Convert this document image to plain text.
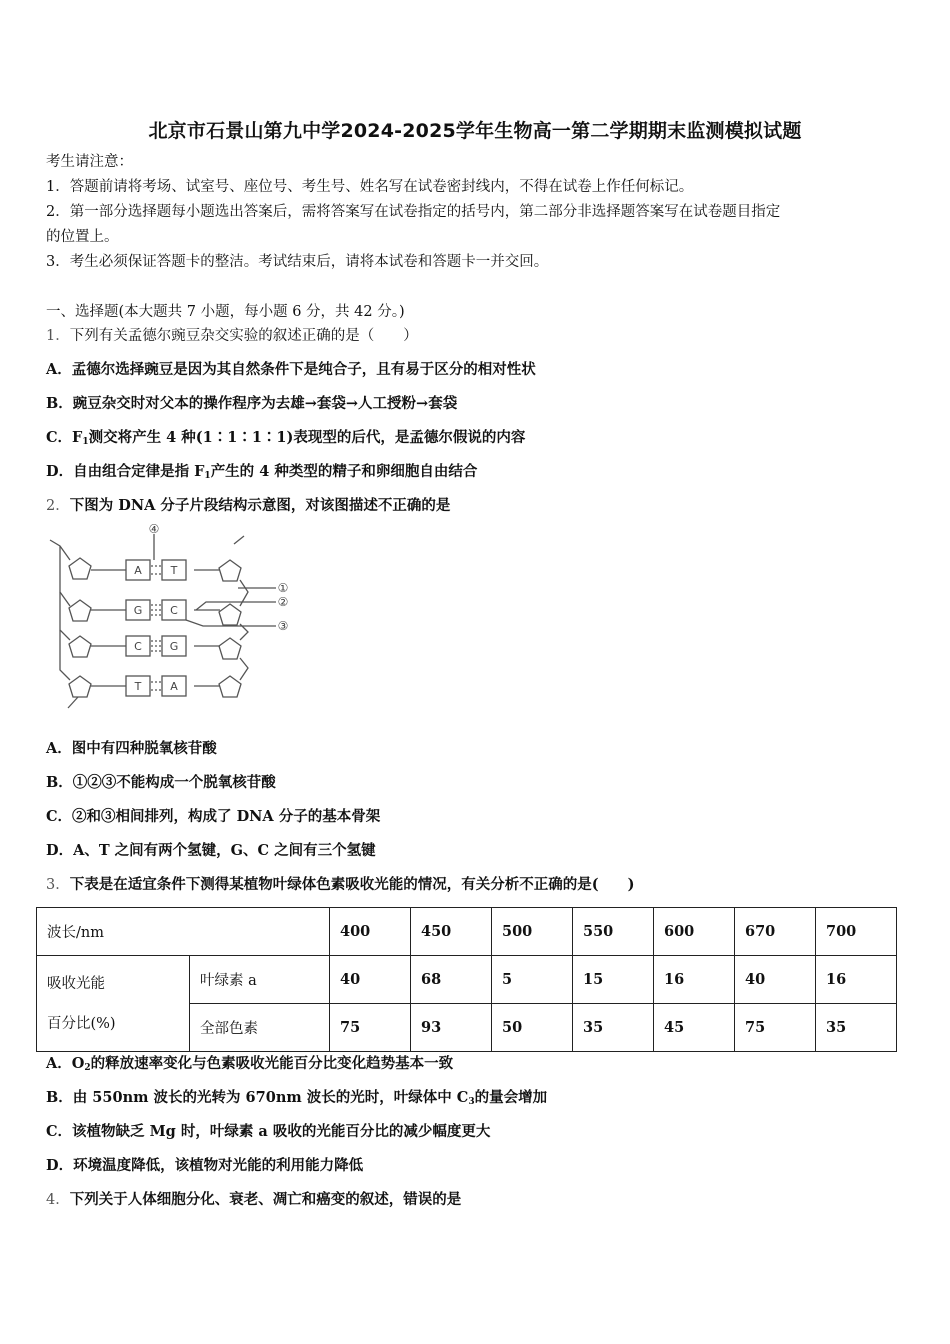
北京市石景山第九中学2024-2025学年生物高一第二学期期末监测模拟试题
考生请注意：
1．答题前请将考场、试室号、座位号、考生号、姓名写在试卷密封线内，不得在试卷上作任何标记。
2．第一部分选择题每小题选出答案后，需将答案写在试卷指定的括号内，第二部分非选择题答案写在试卷题目指定
的位置上。
3．考生必须保证答题卡的整洁。考试结束后，请将本试卷和答题卡一并交回。
一、选择题(本大题共 7 小题，每小题 6 分，共 42 分。)
1．下列有关孟德尔豌豆杂交实验的叙述正确的是（　　）
A．孟德尔选择豌豆是因为其自然条件下是纯合子，且有易于区分的相对性状
B．豌豆杂交时对父本的操作程序为去雄→套袋→人工授粉→套袋
C．$F_1$测交将产生 4 种(1∶1∶1∶1)表现型的后代，是孟德尔假说的内容
D．自由组合定律是指 $F_1$产生的 4 种类型的精子和卵细胞自由结合
2．下图为 DNA 分子片段结构示意图，对该图描述不正确的是
A	T
G	C
C	G
T	A
①
②
③
④
A．图中有四种脱氧核苷酸
B．①②③不能构成一个脱氧核苷酸
C．②和③相间排列，构成了 DNA 分子的基本骨架
D．A、T 之间有两个氢键，G、C 之间有三个氢键
3．下表是在适宜条件下测得某植物叶绿体色素吸收光能的情况，有关分析不正确的是(　　)
波长/nm		400	450	500	550	600	670	700

吸收光能
百分比(%)	叶绿素 a	40	68	5	15	16	40	16
	全部色素	75	93	50	35	45	75	35
A．$O_2$的释放速率变化与色素吸收光能百分比变化趋势基本一致
B．由 550nm 波长的光转为 670nm 波长的光时，叶绿体中 $C_3$的量会增加
C．该植物缺乏 Mg 时，叶绿素 a 吸收的光能百分比的减少幅度更大
D．环境温度降低，该植物对光能的利用能力降低
4．下列关于人体细胞分化、衰老、凋亡和癌变的叙述，错误的是
